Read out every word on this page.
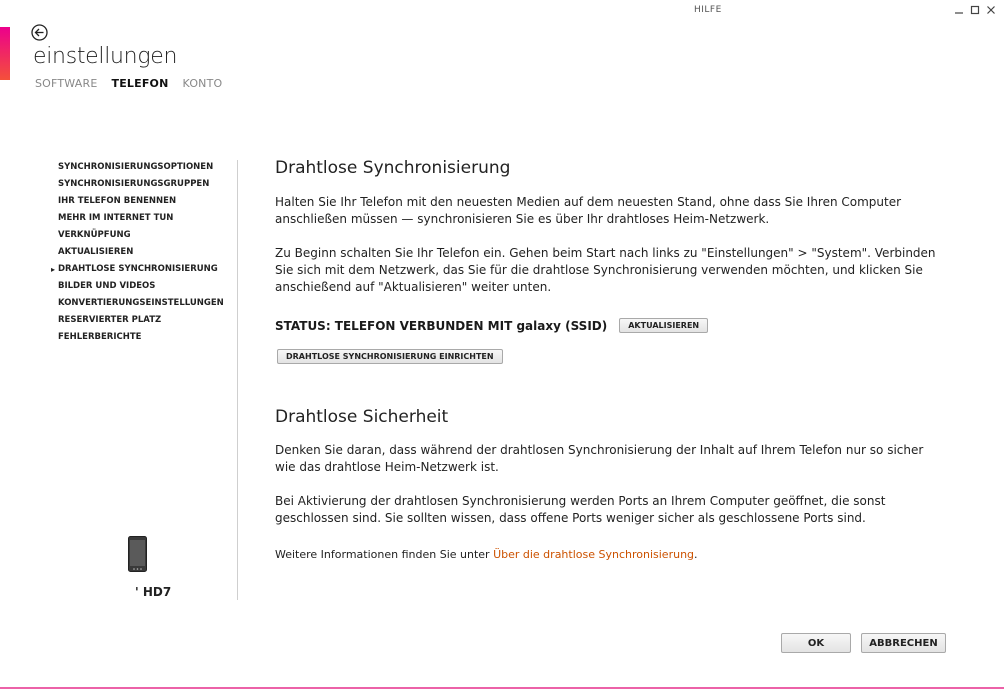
HILFE
einstellungen
SOFTWARE TELEFON KONTO
SYNCHRONISIERUNGSOPTIONEN
SYNCHRONISIERUNGSGRUPPEN
IHR TELEFON BENENNEN
MEHR IM INTERNET TUN
VERKNÜPFUNG
AKTUALISIEREN
▸ DRAHTLOSE SYNCHRONISIERUNG
BILDER UND VIDEOS
KONVERTIERUNGSEINSTELLUNGEN
RESERVIERTER PLATZ
FEHLERBERICHTE
' HD7
Drahtlose Synchronisierung

Halten Sie Ihr Telefon mit den neuesten Medien auf dem neuesten Stand, ohne dass Sie Ihren Computer anschließen müssen — synchronisieren Sie es über Ihr drahtloses Heim-Netzwerk.

Zu Beginn schalten Sie Ihr Telefon ein. Gehen beim Start nach links zu "Einstellungen" > "System". Verbinden Sie sich mit dem Netzwerk, das Sie für die drahtlose Synchronisierung verwenden möchten, und klicken Sie anschießend auf "Aktualisieren" weiter unten.

STATUS: TELEFON VERBUNDEN MIT galaxy (SSID)	AKTUALISIEREN
DRAHTLOSE SYNCHRONISIERUNG EINRICHTEN
Drahtlose Sicherheit

Denken Sie daran, dass während der drahtlosen Synchronisierung der Inhalt auf Ihrem Telefon nur so sicher wie das drahtlose Heim-Netzwerk ist.

Bei Aktivierung der drahtlosen Synchronisierung werden Ports an Ihrem Computer geöffnet, die sonst geschlossen sind. Sie sollten wissen, dass offene Ports weniger sicher als geschlossene Ports sind.

Weitere Informationen finden Sie unter Über die drahtlose Synchronisierung.
OK	ABBRECHEN
